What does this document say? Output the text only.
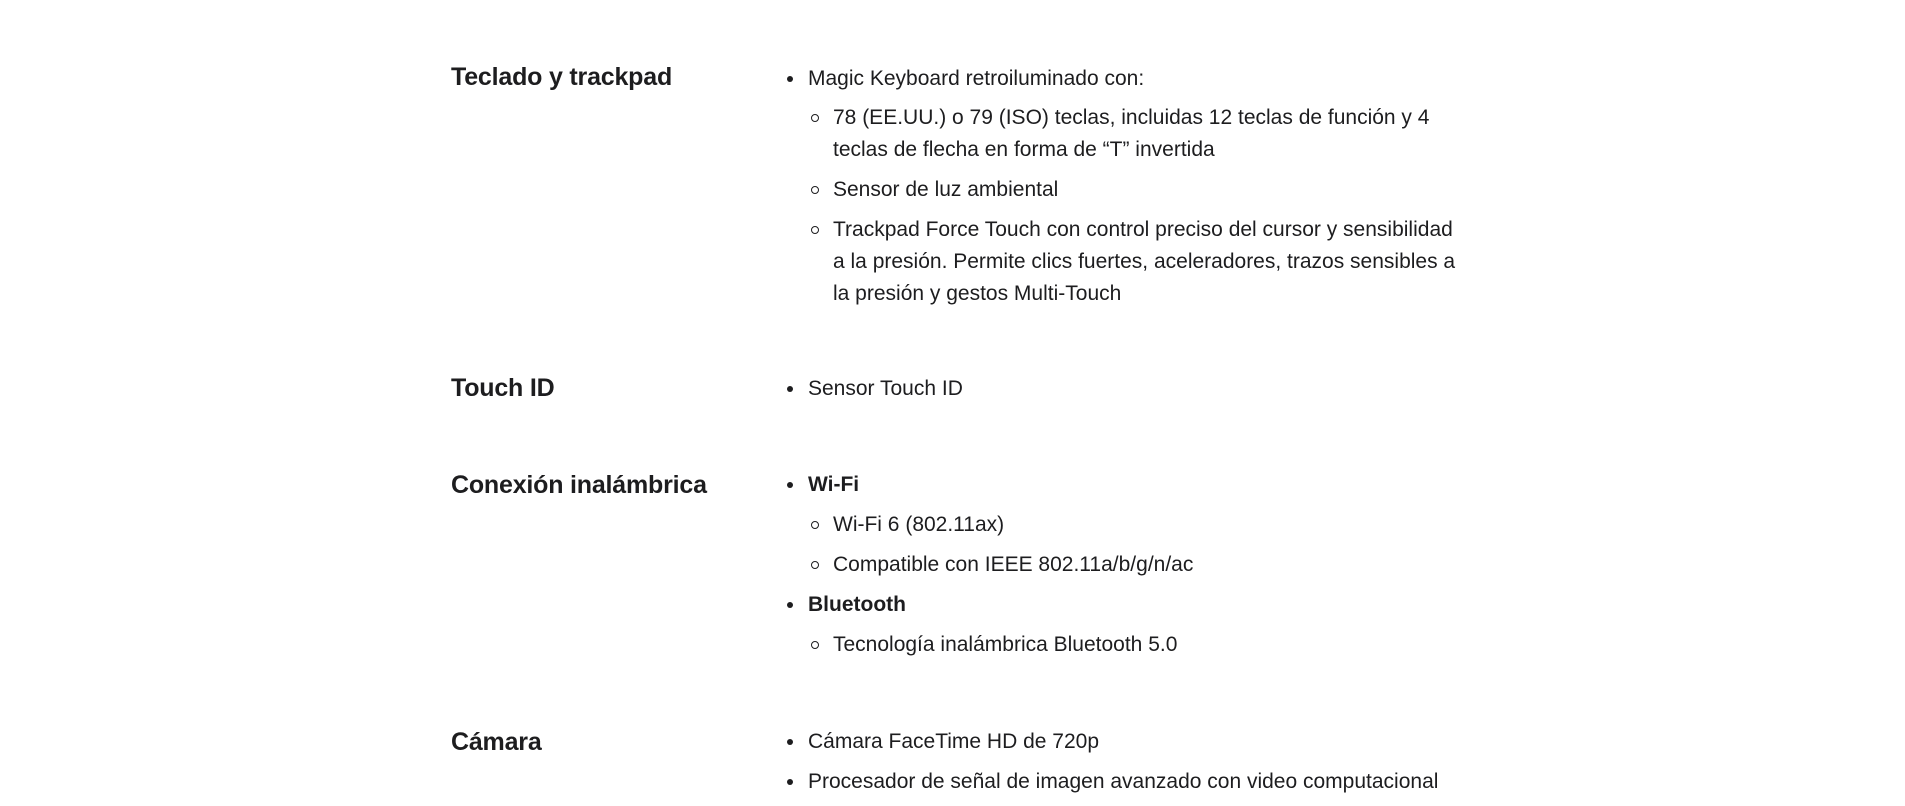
Teclado y trackpad	Magic Keyboard retroiluminado con:
78 (EE.UU.) o 79 (ISO) teclas, incluidas 12 teclas de función y 4 teclas de flecha en forma de “T” invertida
Sensor de luz ambiental
Trackpad Force Touch con control preciso del cursor y sensibilidad a la presión. Permite clics fuertes, aceleradores, trazos sensibles a la presión y gestos Multi-Touch
Touch ID	Sensor Touch ID
Conexión inalámbrica	Wi-Fi
Wi-Fi 6 (802.11ax)
Compatible con IEEE 802.11a/b/g/n/ac
Bluetooth
Tecnología inalámbrica Bluetooth 5.0
Cámara	Cámara FaceTime HD de 720p
Procesador de señal de imagen avanzado con video computacional
